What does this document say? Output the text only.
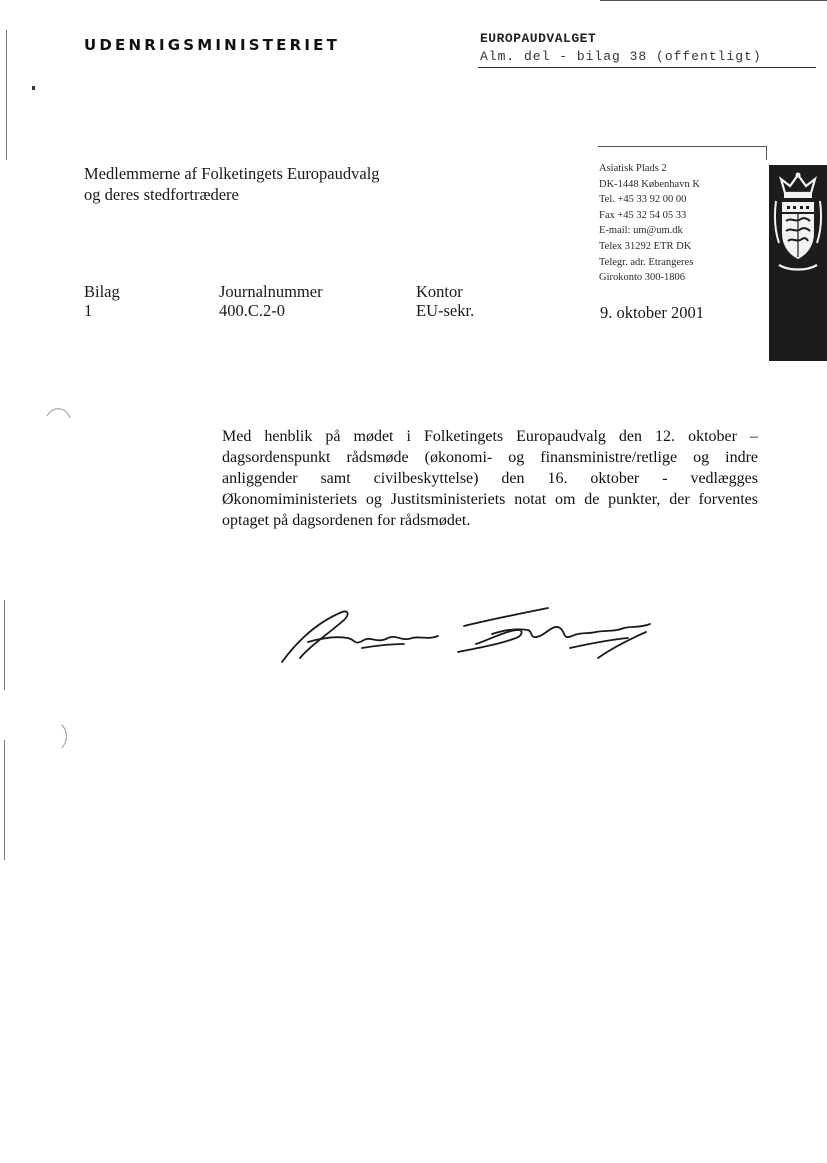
UDENRIGSMINISTERIET	EUROPAUDVALGET
Alm. del - bilag 38 (offentligt)
Medlemmerne af Folketingets Europaudvalg
og deres stedfortrædere
Asiatisk Plads 2
DK-1448 København K
Tel. +45 33 92 00 00
Fax +45 32 54 05 33
E-mail: um@um.dk
Telex 31292 ETR DK
Telegr. adr. Etrangeres
Girokonto 300-1806
Bilag
1
Journalnummer
400.C.2-0
Kontor
EU-sekr.	9. oktober 2001
Med henblik på mødet i Folketingets Europaudvalg den 12. oktober – dagsordenspunkt rådsmøde (økonomi- og finansministre/retlige og indre anliggender samt civilbeskyttelse) den 16. oktober - vedlægges Økonomiministeriets og Justitsministeriets notat om de punkter, der forventes optaget på dagsordenen for rådsmødet.
